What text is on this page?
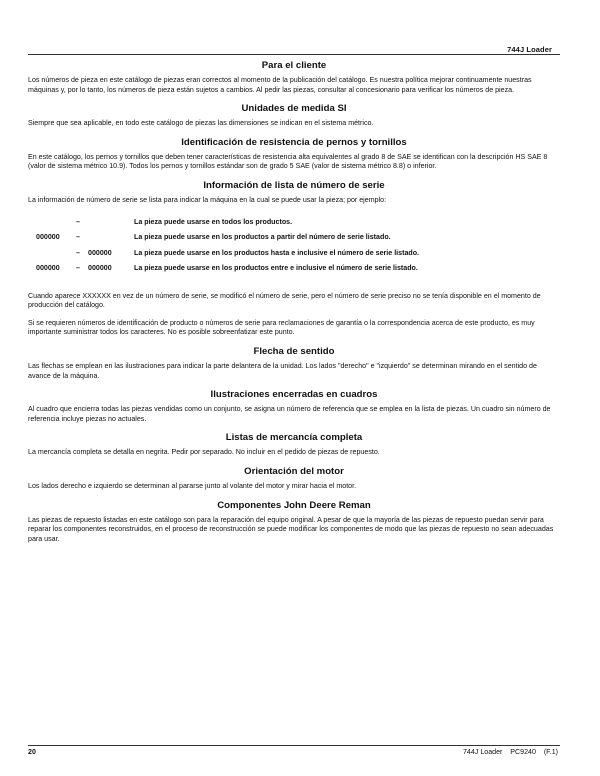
744J Loader
Para el cliente

Los números de pieza en este catálogo de piezas eran correctos al momento de la publicación del catálogo. Es nuestra política mejorar continuamente nuestras máquinas y, por lo tanto, los números de pieza están sujetos a cambios. Al pedir las piezas, consultar al concesionario para verificar los números de pieza.

Unidades de medida SI

Siempre que sea aplicable, en todo este catálogo de piezas las dimensiones se indican en el sistema métrico.

Identificación de resistencia de pernos y tornillos

En este catálogo, los pernos y tornillos que deben tener características de resistencia alta equivalentes al grado 8 de SAE se identifican con la descripción HS SAE 8 (valor de sistema métrico 10.9). Todos los pernos y tornillos estándar son de grado 5 SAE (valor de sistema métrico 8.8) o inferior.

Información de lista de número de serie

La información de número de serie se lista para indicar la máquina en la cual se puede usar la pieza; por ejemplo:

–	La pieza puede usarse en todos los productos.
000000 –	La pieza puede usarse en los productos a partir del número de serie listado.
– 000000	La pieza puede usarse en los productos hasta e inclusive el número de serie listado.
000000 – 000000	La pieza puede usarse en los productos entre e inclusive el número de serie listado.

Cuando aparece XXXXXX en vez de un número de serie, se modificó el número de serie, pero el número de serie preciso no se tenía disponible en el momento de producción del catálogo.

Si se requieren números de identificación de producto o números de serie para reclamaciones de garantía o la correspondencia acerca de este producto, es muy importante suministrar todos los caracteres. No es posible sobreenfatizar este punto.

Flecha de sentido

Las flechas se emplean en las ilustraciones para indicar la parte delantera de la unidad. Los lados "derecho" e "izquierdo" se determinan mirando en el sentido de avance de la máquina.

Ilustraciones encerradas en cuadros

Al cuadro que encierra todas las piezas vendidas como un conjunto, se asigna un número de referencia que se emplea en la lista de piezas. Un cuadro sin número de referencia incluye piezas no actuales.

Listas de mercancía completa

La mercancía completa se detalla en negrita. Pedir por separado. No incluir en el pedido de piezas de repuesto.

Orientación del motor

Los lados derecho e izquierdo se determinan al pararse junto al volante del motor y mirar hacia el motor.

Componentes John Deere Reman

Las piezas de repuesto listadas en este catálogo son para la reparación del equipo original. A pesar de que la mayoría de las piezas de repuesto puedan servir para reparar los componentes reconstruidos, en el proceso de reconstrucción se puede modificar los componentes de modo que las piezas de repuesto no sean adecuadas para usar.

20	744J Loader    PC9240    (F.1)
